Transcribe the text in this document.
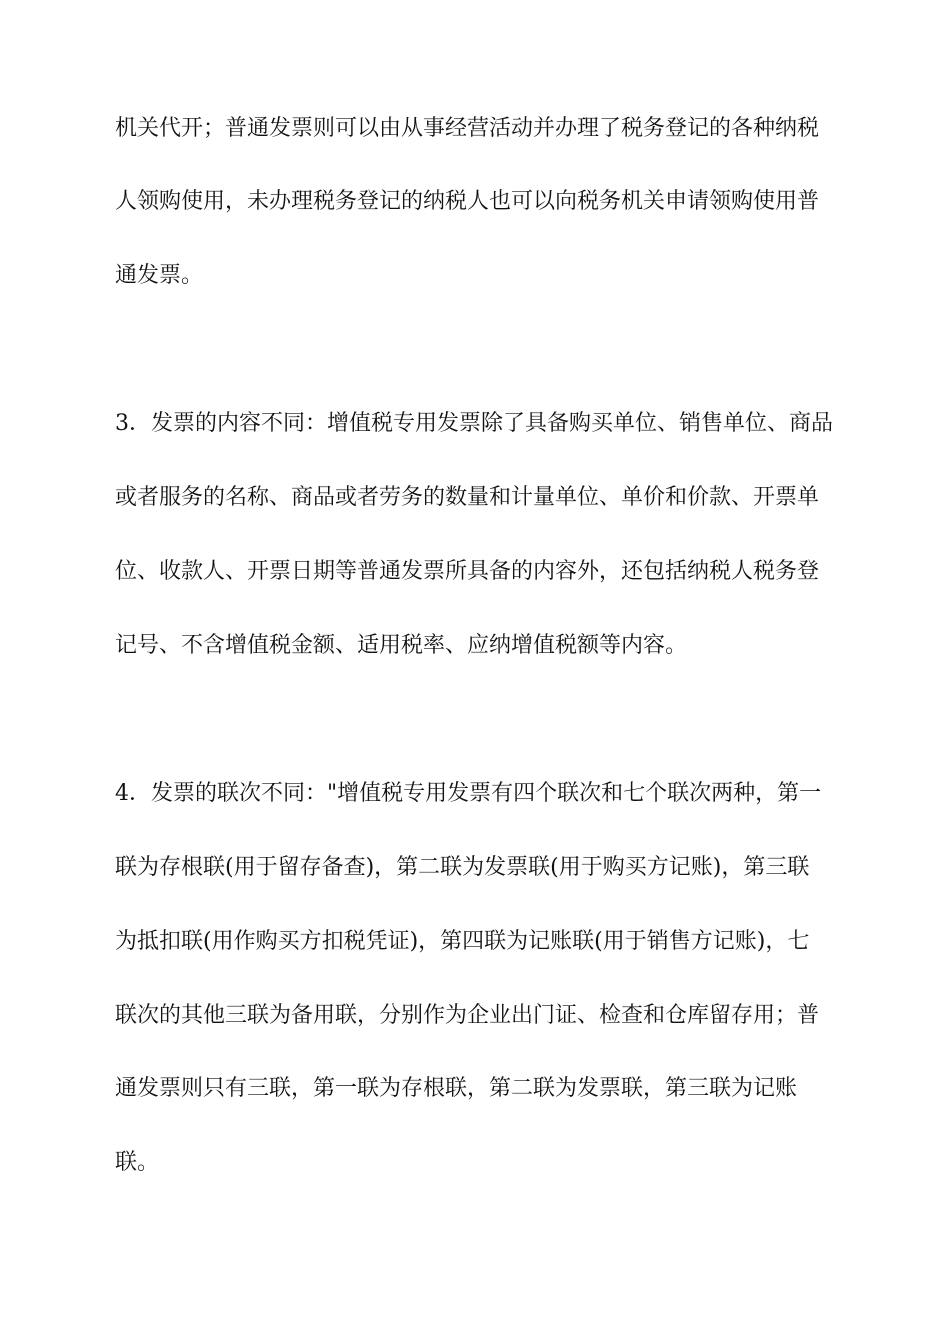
机关代开；普通发票则可以由从事经营活动并办理了税务登记的各种纳税
人领购使用，未办理税务登记的纳税人也可以向税务机关申请领购使用普
通发票。
3．发票的内容不同：增值税专用发票除了具备购买单位、销售单位、商品
或者服务的名称、商品或者劳务的数量和计量单位、单价和价款、开票单
位、收款人、开票日期等普通发票所具备的内容外，还包括纳税人税务登
记号、不含增值税金额、适用税率、应纳增值税额等内容。
4．发票的联次不同："增值税专用发票有四个联次和七个联次两种，第一
联为存根联(用于留存备查)，第二联为发票联(用于购买方记账)，第三联
为抵扣联(用作购买方扣税凭证)，第四联为记账联(用于销售方记账)，七
联次的其他三联为备用联，分别作为企业出门证、检查和仓库留存用；普
通发票则只有三联，第一联为存根联，第二联为发票联，第三联为记账
联。
